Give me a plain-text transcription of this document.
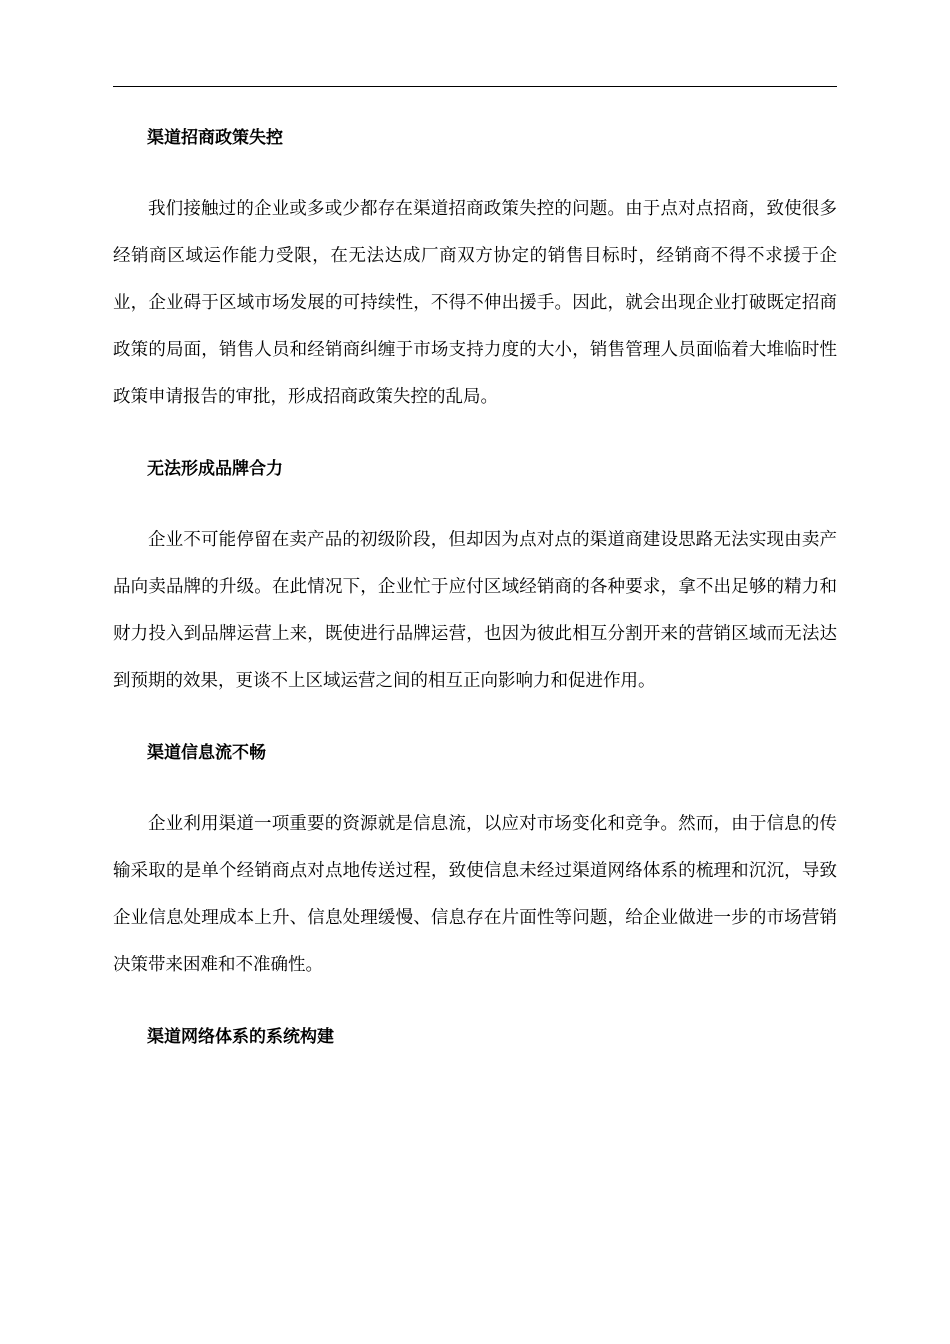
渠道招商政策失控

我们接触过的企业或多或少都存在渠道招商政策失控的问题。由于点对点招商，致使很多经销商区域运作能力受限，在无法达成厂商双方协定的销售目标时，经销商不得不求援于企业，企业碍于区域市场发展的可持续性，不得不伸出援手。因此，就会出现企业打破既定招商政策的局面，销售人员和经销商纠缠于市场支持力度的大小，销售管理人员面临着大堆临时性政策申请报告的审批，形成招商政策失控的乱局。

无法形成品牌合力

企业不可能停留在卖产品的初级阶段，但却因为点对点的渠道商建设思路无法实现由卖产品向卖品牌的升级。在此情况下，企业忙于应付区域经销商的各种要求，拿不出足够的精力和财力投入到品牌运营上来，既使进行品牌运营，也因为彼此相互分割开来的营销区域而无法达到预期的效果，更谈不上区域运营之间的相互正向影响力和促进作用。

渠道信息流不畅

企业利用渠道一项重要的资源就是信息流，以应对市场变化和竞争。然而，由于信息的传输采取的是单个经销商点对点地传送过程，致使信息未经过渠道网络体系的梳理和沉沉，导致企业信息处理成本上升、信息处理缓慢、信息存在片面性等问题，给企业做进一步的市场营销决策带来困难和不准确性。

渠道网络体系的系统构建
